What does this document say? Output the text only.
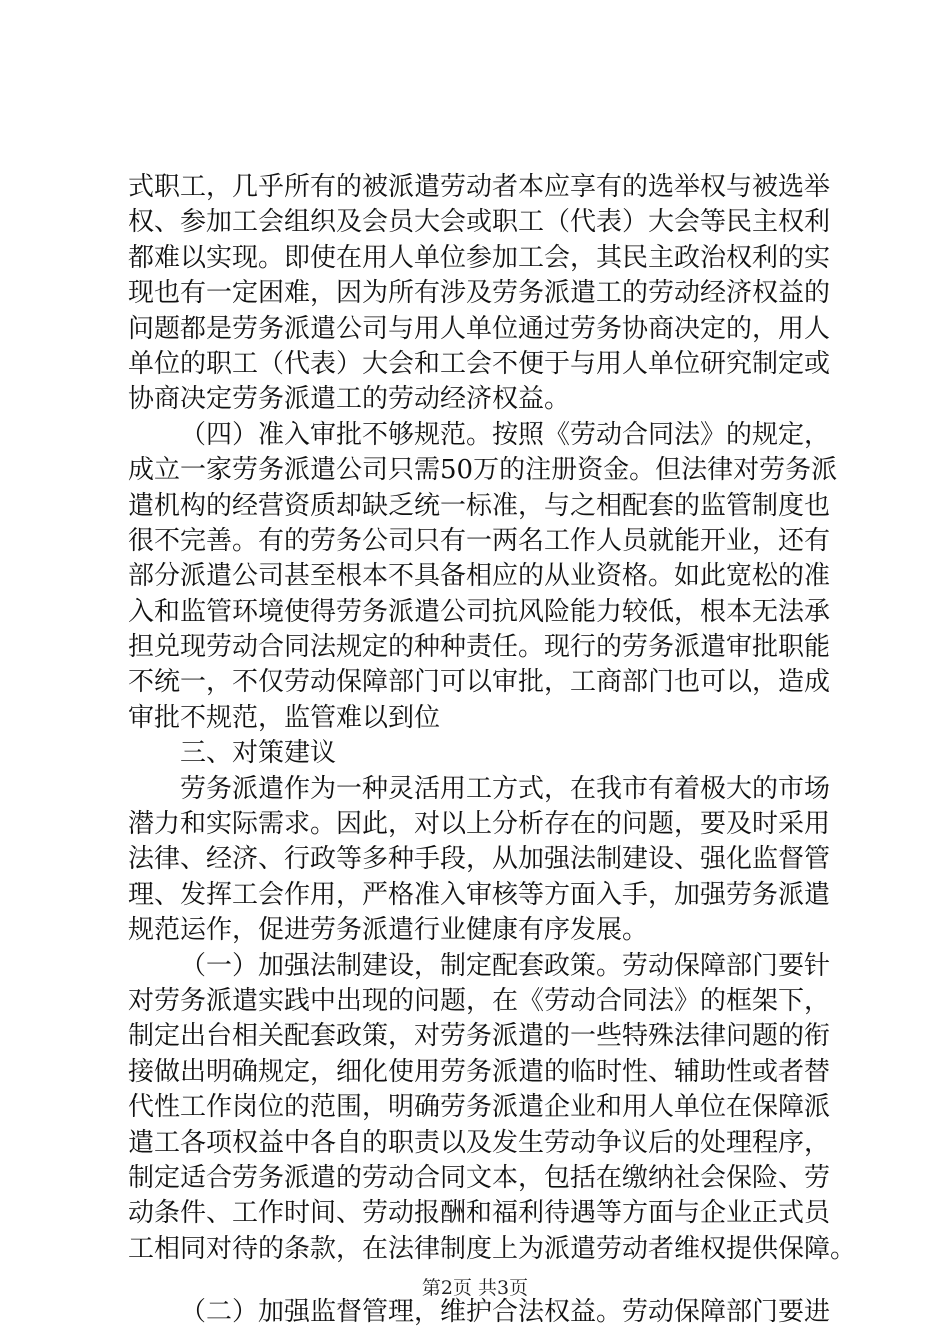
式职工，几乎所有的被派遣劳动者本应享有的选举权与被选举
权、参加工会组织及会员大会或职工（代表）大会等民主权利
都难以实现。即使在用人单位参加工会，其民主政治权利的实
现也有一定困难，因为所有涉及劳务派遣工的劳动经济权益的
问题都是劳务派遣公司与用人单位通过劳务协商决定的，用人
单位的职工（代表）大会和工会不便于与用人单位研究制定或
协商决定劳务派遣工的劳动经济权益。
（四）准入审批不够规范。按照《劳动合同法》的规定，
成立一家劳务派遣公司只需50万的注册资金。但法律对劳务派
遣机构的经营资质却缺乏统一标准，与之相配套的监管制度也
很不完善。有的劳务公司只有一两名工作人员就能开业，还有
部分派遣公司甚至根本不具备相应的从业资格。如此宽松的准
入和监管环境使得劳务派遣公司抗风险能力较低，根本无法承
担兑现劳动合同法规定的种种责任。现行的劳务派遣审批职能
不统一，不仅劳动保障部门可以审批，工商部门也可以，造成
审批不规范，监管难以到位
三、对策建议
劳务派遣作为一种灵活用工方式，在我市有着极大的市场
潜力和实际需求。因此，对以上分析存在的问题，要及时采用
法律、经济、行政等多种手段，从加强法制建设、强化监督管
理、发挥工会作用，严格准入审核等方面入手，加强劳务派遣
规范运作，促进劳务派遣行业健康有序发展。
（一）加强法制建设，制定配套政策。劳动保障部门要针
对劳务派遣实践中出现的问题，在《劳动合同法》的框架下，
制定出台相关配套政策，对劳务派遣的一些特殊法律问题的衔
接做出明确规定，细化使用劳务派遣的临时性、辅助性或者替
代性工作岗位的范围，明确劳务派遣企业和用人单位在保障派
遣工各项权益中各自的职责以及发生劳动争议后的处理程序，
制定适合劳务派遣的劳动合同文本，包括在缴纳社会保险、劳
动条件、工作时间、劳动报酬和福利待遇等方面与企业正式员
工相同对待的条款，在法律制度上为派遣劳动者维权提供保障。
（二）加强监督管理，维护合法权益。劳动保障部门要进
第2页 共3页
